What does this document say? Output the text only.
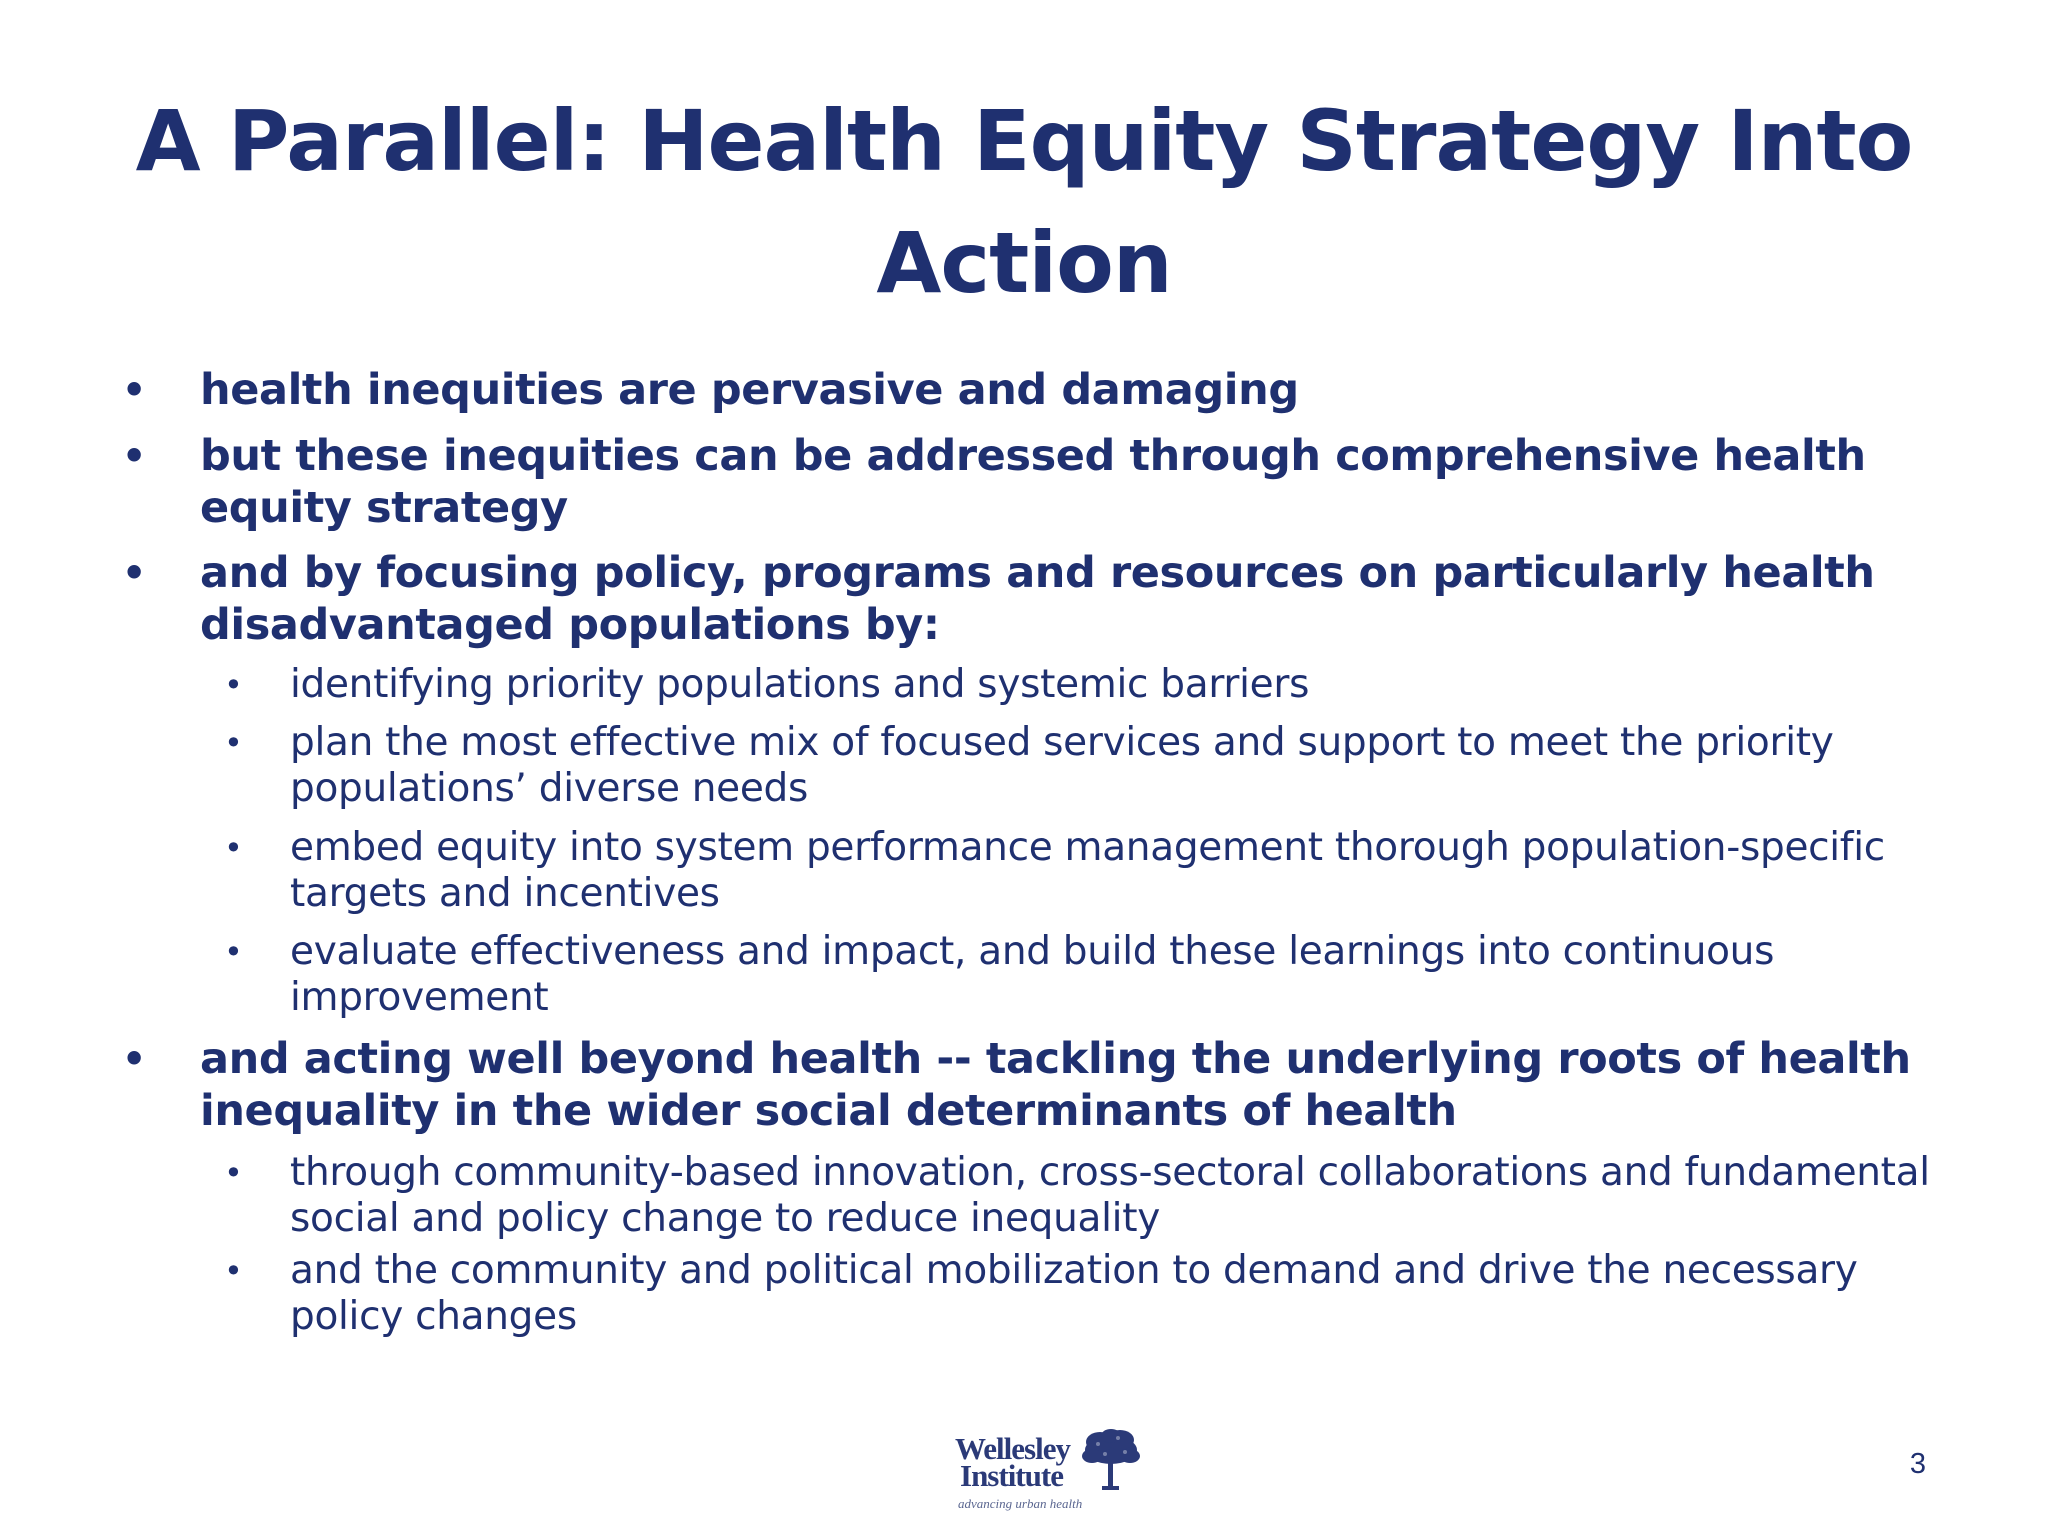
A Parallel: Health Equity Strategy Into
Action
• health inequities are pervasive and damaging
• but these inequities can be addressed through comprehensive health equity strategy
• and by focusing policy, programs and resources on particularly health disadvantaged populations by:
• identifying priority populations and systemic barriers
• plan the most effective mix of focused services and support to meet the priority populations’ diverse needs
• embed equity into system performance management thorough population-specific targets and incentives
• evaluate effectiveness and impact, and build these learnings into continuous improvement
• and acting well beyond health -- tackling the underlying roots of health inequality in the wider social determinants of health
• through community-based innovation, cross-sectoral collaborations and fundamental social and policy change to reduce inequality
• and the community and political mobilization to demand and drive the necessary policy changes
Wellesley
Institute
advancing urban health
3
